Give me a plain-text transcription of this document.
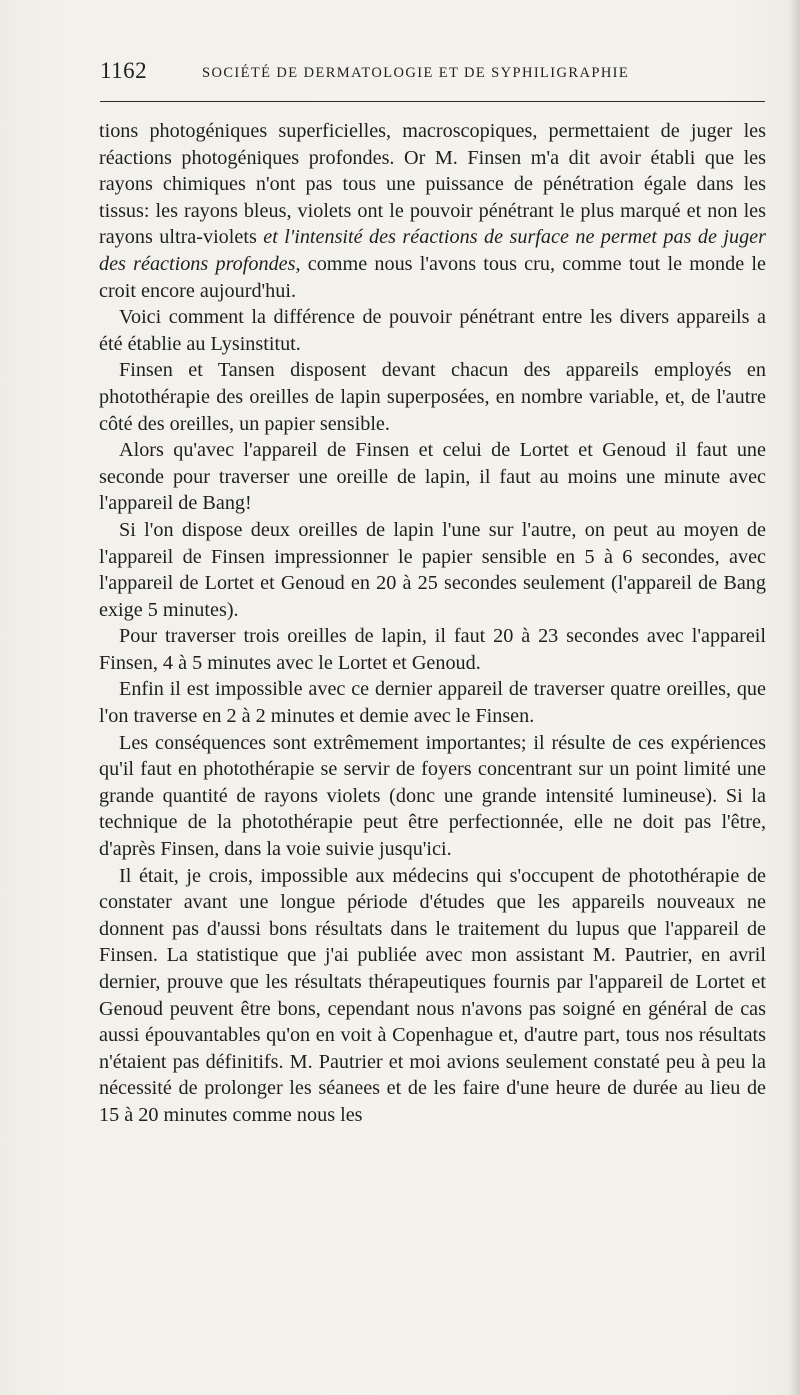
1162	SOCIÉTÉ DE DERMATOLOGIE ET DE SYPHILIGRAPHIE

tions photogéniques superficielles, macroscopiques, permettaient de juger les réactions photogéniques profondes. Or M. Finsen m'a dit avoir établi que les rayons chimiques n'ont pas tous une puissance de pénétration égale dans les tissus: les rayons bleus, violets ont le pouvoir pénétrant le plus marqué et non les rayons ultra-violets et l'intensité des réactions de surface ne permet pas de juger des réactions profondes, comme nous l'avons tous cru, comme tout le monde le croit encore aujourd'hui.

Voici comment la différence de pouvoir pénétrant entre les divers appareils a été établie au Lysinstitut.

Finsen et Tansen disposent devant chacun des appareils employés en photothérapie des oreilles de lapin superposées, en nombre variable, et, de l'autre côté des oreilles, un papier sensible.

Alors qu'avec l'appareil de Finsen et celui de Lortet et Genoud il faut une seconde pour traverser une oreille de lapin, il faut au moins une minute avec l'appareil de Bang!

Si l'on dispose deux oreilles de lapin l'une sur l'autre, on peut au moyen de l'appareil de Finsen impressionner le papier sensible en 5 à 6 secondes, avec l'appareil de Lortet et Genoud en 20 à 25 secondes seulement (l'appareil de Bang exige 5 minutes).

Pour traverser trois oreilles de lapin, il faut 20 à 23 secondes avec l'appareil Finsen, 4 à 5 minutes avec le Lortet et Genoud.

Enfin il est impossible avec ce dernier appareil de traverser quatre oreilles, que l'on traverse en 2 à 2 minutes et demie avec le Finsen.

Les conséquences sont extrêmement importantes; il résulte de ces expériences qu'il faut en photothérapie se servir de foyers concentrant sur un point limité une grande quantité de rayons violets (donc une grande intensité lumineuse). Si la technique de la photothérapie peut être perfectionnée, elle ne doit pas l'être, d'après Finsen, dans la voie suivie jusqu'ici.

Il était, je crois, impossible aux médecins qui s'occupent de photothérapie de constater avant une longue période d'études que les appareils nouveaux ne donnent pas d'aussi bons résultats dans le traitement du lupus que l'appareil de Finsen. La statistique que j'ai publiée avec mon assistant M. Pautrier, en avril dernier, prouve que les résultats thérapeutiques fournis par l'appareil de Lortet et Genoud peuvent être bons, cependant nous n'avons pas soigné en général de cas aussi épouvantables qu'on en voit à Copenhague et, d'autre part, tous nos résultats n'étaient pas définitifs. M. Pautrier et moi avions seulement constaté peu à peu la nécessité de prolonger les séanees et de les faire d'une heure de durée au lieu de 15 à 20 minutes comme nous les
